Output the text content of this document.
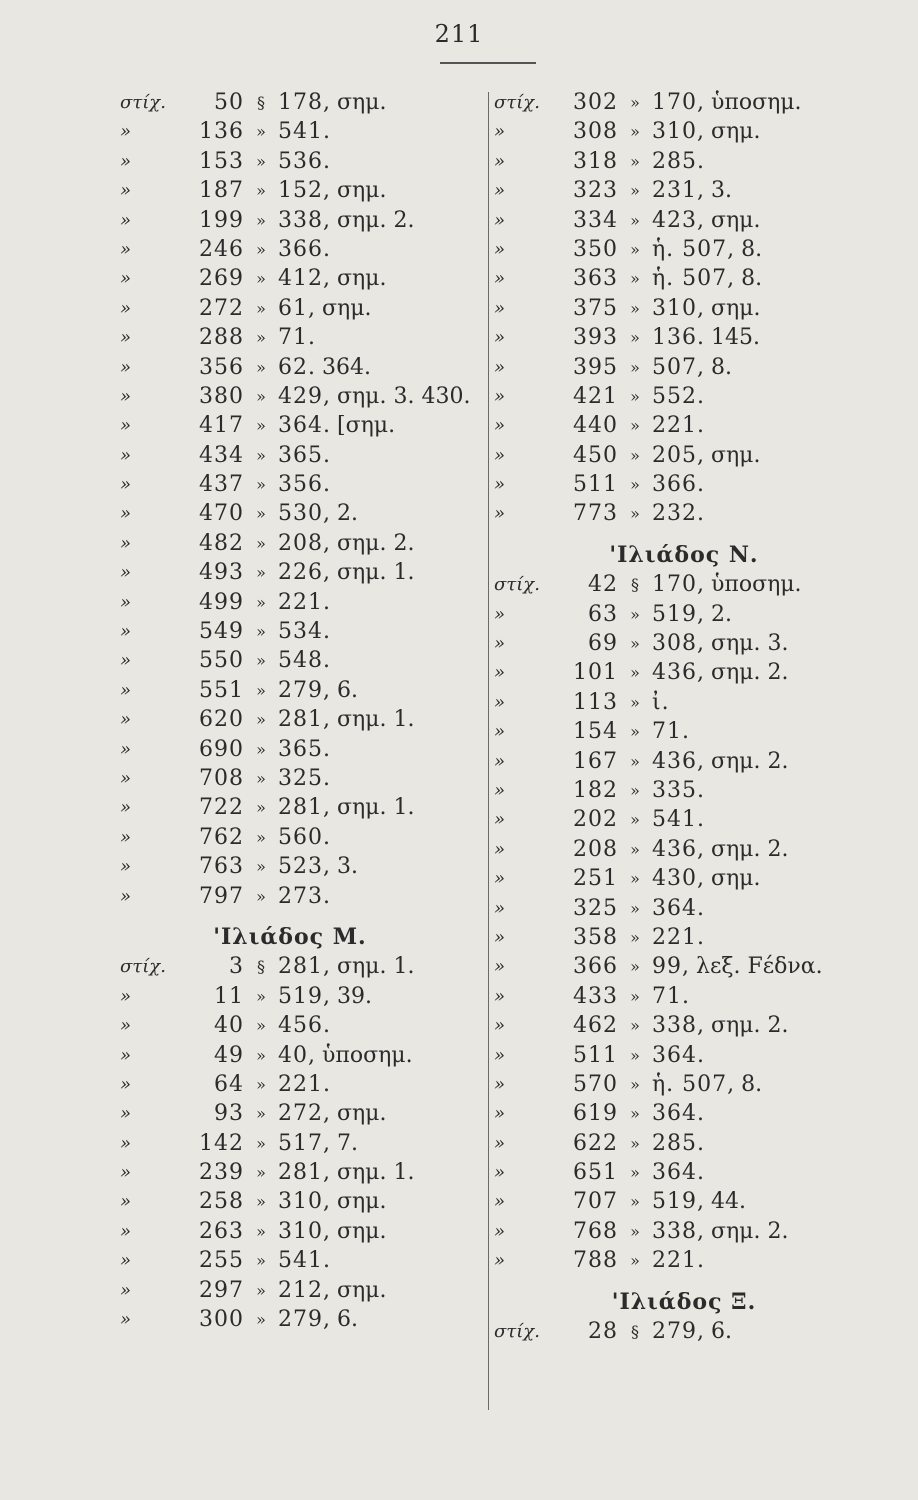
211
στίχ.	50 § 178, σημ.
»	136 » 541.
»	153 » 536.
»	187 » 152, σημ.
»	199 » 338, σημ. 2.
»	246 » 366.
»	269 » 412, σημ.
»	272 » 61, σημ.
»	288 » 71.
»	356 » 62. 364.
»	380 » 429, σημ. 3. 430.
»	417 » 364. [σημ.
»	434 » 365.
»	437 » 356.
»	470 » 530, 2.
»	482 » 208, σημ. 2.
»	493 » 226, σημ. 1.
»	499 » 221.
»	549 » 534.
»	550 » 548.
»	551 » 279, 6.
»	620 » 281, σημ. 1.
»	690 » 365.
»	708 » 325.
»	722 » 281, σημ. 1.
»	762 » 560.
»	763 » 523, 3.
»	797 » 273.
'Ιλιάδος Μ.
στίχ.	3 § 281, σημ. 1.
»	11 » 519, 39.
»	40 » 456.
»	49 » 40, ὑποσημ.
»	64 » 221.
»	93 » 272, σημ.
»	142 » 517, 7.
»	239 » 281, σημ. 1.
»	258 » 310, σημ.
»	263 » 310, σημ.
»	255 » 541.
»	297 » 212, σημ.
»	300 » 279, 6.
στίχ.	302 » 170, ὑποσημ.
»	308 » 310, σημ.
»	318 » 285.
»	323 » 231, 3.
»	334 » 423, σημ.
»	350 » ἡ. 507, 8.
»	363 » ἡ. 507, 8.
»	375 » 310, σημ.
»	393 » 136. 145.
»	395 » 507, 8.
»	421 » 552.
»	440 » 221.
»	450 » 205, σημ.
»	511 » 366.
»	773 » 232.
'Ιλιάδος Ν.
στίχ.	42 § 170, ὑποσημ.
»	63 » 519, 2.
»	69 » 308, σημ. 3.
»	101 » 436, σημ. 2.
»	113 » ἰ.
»	154 » 71.
»	167 » 436, σημ. 2.
»	182 » 335.
»	202 » 541.
»	208 » 436, σημ. 2.
»	251 » 430, σημ.
»	325 » 364.
»	358 » 221.
»	366 » 99, λεξ. Fέδνα.
»	433 » 71.
»	462 » 338, σημ. 2.
»	511 » 364.
»	570 » ἡ. 507, 8.
»	619 » 364.
»	622 » 285.
»	651 » 364.
»	707 » 519, 44.
»	768 » 338, σημ. 2.
»	788 » 221.
'Ιλιάδος Ξ.
στίχ.	28 § 279, 6.
